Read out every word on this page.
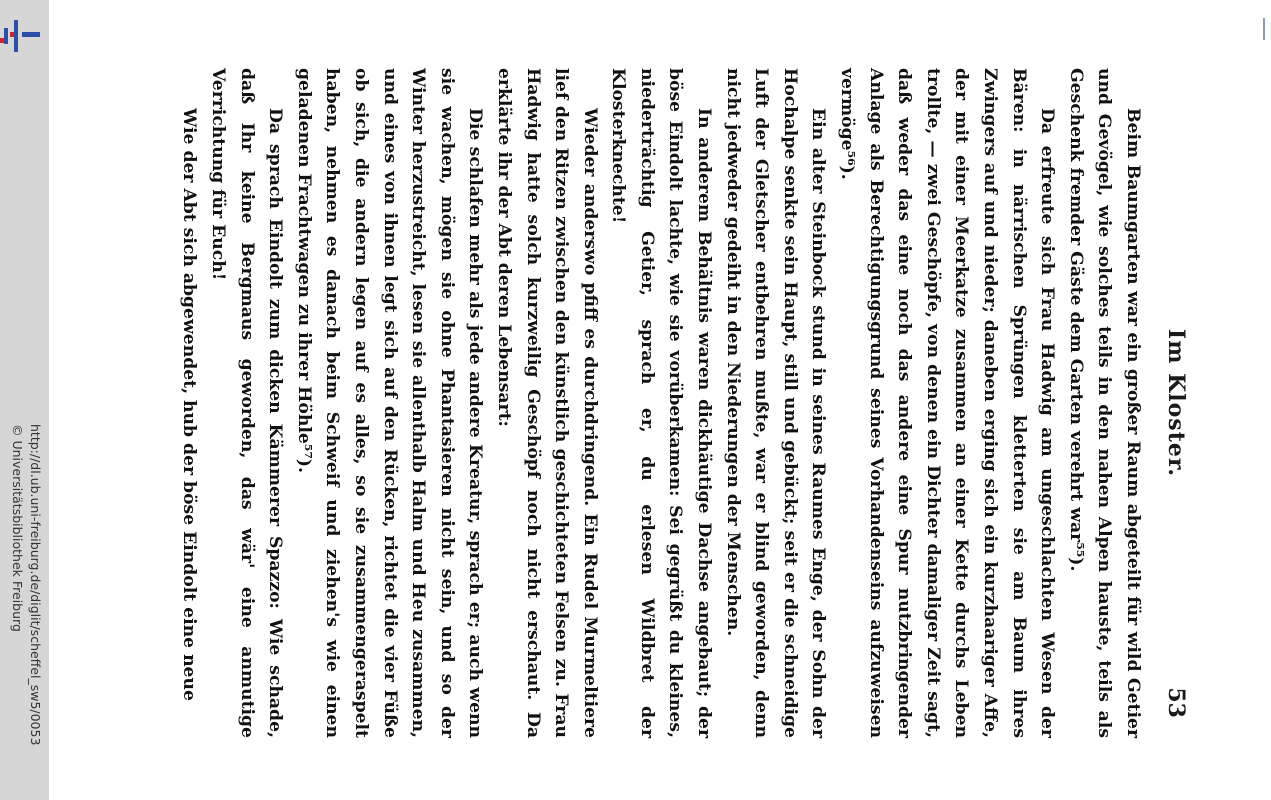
http://dl.ub.uni-freiburg.de/diglit/scheffel_sw5/0053
© Universitätsbibliothek Freiburg
Im Kloster.
53

Beim Baumgarten war ein großer Raum abgeteilt für wild Getier und Gevögel, wie solches teils in den nahen Alpen hauste, teils als Geschenk fremder Gäste dem Garten verehrt war⁵⁵).

Da erfreute sich Frau Hadwig am ungeschlachten Wesen der Bären: in närrischen Sprüngen kletterten sie am Baum ihres Zwingers auf und nieder; daneben erging sich ein kurzhaariger Affe, der mit einer Meerkatze zusammen an einer Kette durchs Leben trollte, — zwei Geschöpfe, von denen ein Dichter damaliger Zeit sagt, daß weder das eine noch das andere eine Spur nutzbringender Anlage als Berechtigungsgrund seines Vorhandenseins aufzuweisen vermöge⁵⁶).

Ein alter Steinbock stund in seines Raumes Enge, der Sohn der Hochalpe senkte sein Haupt, still und gebückt; seit er die schneidige Luft der Gletscher entbehren mußte, war er blind geworden, denn nicht jedweder gedeiht in den Niederungen der Menschen.

In anderem Behältnis waren dickhäutige Dachse angebaut; der böse Eindolt lachte, wie sie vorüberkamen: Sei gegrüßt du kleines, niederträchtig Getier, sprach er, du erlesen Wildbret der Klosterknechte!

Wieder anderswo pfiff es durchdringend. Ein Rudel Murmeltiere lief den Ritzen zwischen den künstlich geschichteten Felsen zu. Frau Hadwig hatte solch kurzweilig Geschöpf noch nicht erschaut. Da erklärte ihr der Abt deren Lebensart:

Die schlafen mehr als jede andere Kreatur, sprach er; auch wenn sie wachen, mögen sie ohne Phantasieren nicht sein, und so der Winter herzustreicht, lesen sie allenthalb Halm und Heu zusammen, und eines von ihnen legt sich auf den Rücken, richtet die vier Füße ob sich, die andern legen auf es alles, so sie zusammengeraspelt haben, nehmen es danach beim Schweif und ziehen's wie einen geladenen Frachtwagen zu ihrer Höhle⁵⁷).

Da sprach Eindolt zum dicken Kämmerer Spazzo: Wie schade, daß Ihr keine Bergmaus geworden, das wär' eine anmutige Verrichtung für Euch!

Wie der Abt sich abgewendet, hub der böse Eindolt eine neue
